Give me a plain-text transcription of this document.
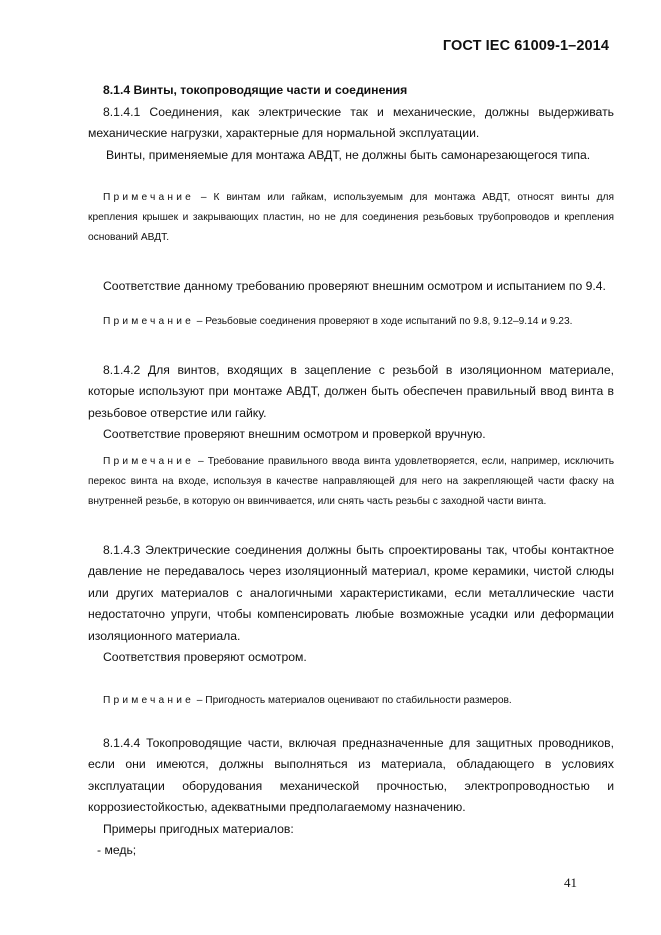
ГОСТ IEC 61009-1–2014

8.1.4 Винты, токопроводящие части и соединения

8.1.4.1 Соединения, как электрические так и механические, должны выдерживать механические нагрузки, характерные для нормальной эксплуатации.

Винты, применяемые для монтажа АВДТ, не должны быть самонарезающегося типа.

Примечание – К винтам или гайкам, используемым для монтажа АВДТ, относят винты для крепления крышек и закрывающих пластин, но не для соединения резьбовых трубопроводов и крепления оснований АВДТ.

Соответствие данному требованию проверяют внешним осмотром и испытанием по 9.4.

Примечание – Резьбовые соединения проверяют в ходе испытаний по 9.8, 9.12–9.14 и 9.23.

8.1.4.2 Для винтов, входящих в зацепление с резьбой в изоляционном материале, которые используют при монтаже АВДТ, должен быть обеспечен правильный ввод винта в резьбовое отверстие или гайку.

Соответствие проверяют внешним осмотром и проверкой вручную.

Примечание – Требование правильного ввода винта удовлетворяется, если, например, исключить перекос винта на входе, используя в качестве направляющей для него на закрепляющей части фаску на внутренней резьбе, в которую он ввинчивается, или снять часть резьбы с заходной части винта.

8.1.4.3 Электрические соединения должны быть спроектированы так, чтобы контактное давление не передавалось через изоляционный материал, кроме керамики, чистой слюды или других материалов с аналогичными характеристиками, если металлические части недостаточно упруги, чтобы компенсировать любые возможные усадки или деформации изоляционного материала.

Соответствия проверяют осмотром.

Примечание – Пригодность материалов оценивают по стабильности размеров.

8.1.4.4 Токопроводящие части, включая предназначенные для защитных проводников, если они имеются, должны выполняться из материала, обладающего в условиях эксплуатации оборудования механической прочностью, электропроводностью и коррозиестойкостью, адекватными предполагаемому назначению.

Примеры пригодных материалов:

- медь;

41
